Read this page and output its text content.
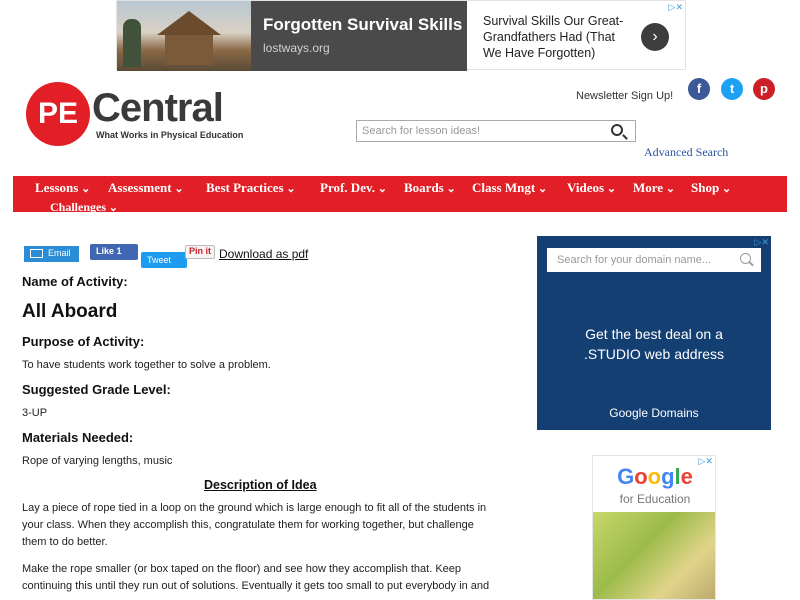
Forgotten Survival Skills
lostways.org
Survival Skills Our Great-Grandfathers Had (That We Have Forgotten)
›
▷✕
PE Central
What Works in Physical Education
Newsletter Sign Up!	f	t	p
Search for lesson ideas!
Advanced Search
Lessons ⌄	Assessment ⌄	Best Practices ⌄	Prof. Dev. ⌄	Boards ⌄	Class Mngt ⌄	Videos ⌄	More ⌄	Shop ⌄
Challenges ⌄
Email	Like 1
Tweet
Pin it Download as pdf
Name of Activity:
All Aboard
Purpose of Activity:
To have students work together to solve a problem.
Suggested Grade Level:
3-UP
Materials Needed:
Rope of varying lengths, music
Description of Idea
Lay a piece of rope tied in a loop on the ground which is large enough to fit all of the students in your class. When they accomplish this, congratulate them for working together, but challenge them to do better.
Make the rope smaller (or box taped on the floor) and see how they accomplish that. Keep continuing this until they run out of solutions. Eventually it gets too small to put everybody in and
▷✕
Search for your domain name...
Get the best deal on a
.STUDIO web address
Google Domains
▷✕
Google
for Education
